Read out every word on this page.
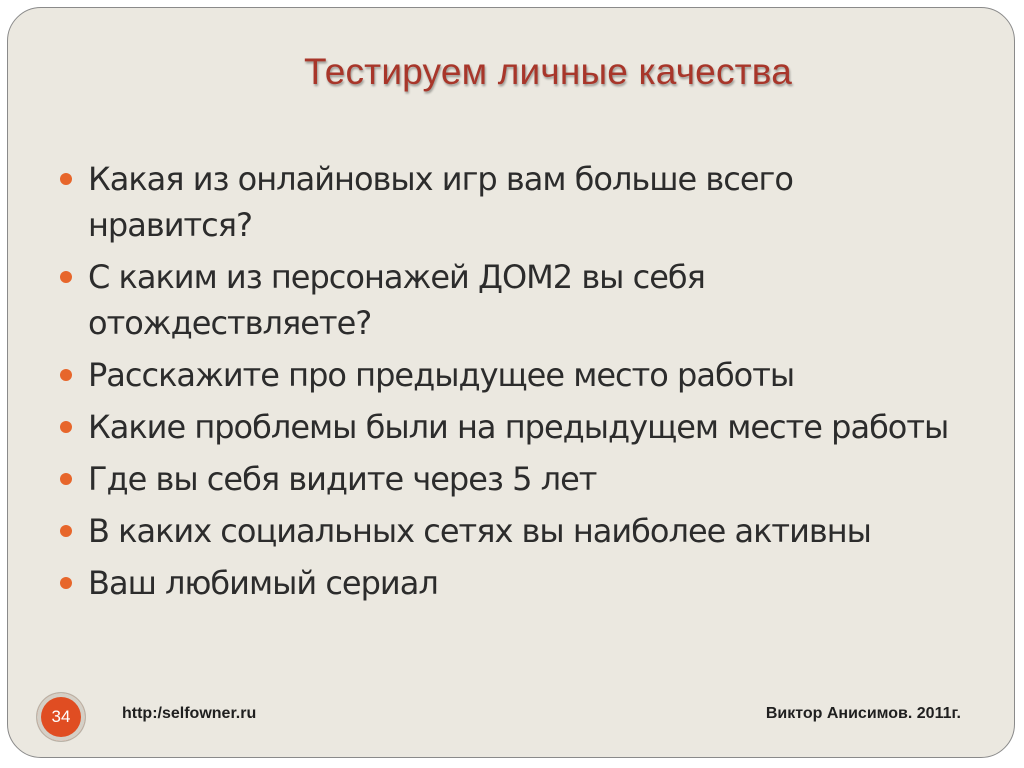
Тестируем личные качества
Какая из онлайновых игр вам больше всего нравится?
С каким из персонажей ДОМ2 вы себя отождествляете?
Расскажите про предыдущее место работы
Какие проблемы были на предыдущем месте работы
Где вы себя видите через 5 лет
В каких социальных сетях вы наиболее активны
Ваш любимый сериал
34	http:/selfowner.ru	Виктор Анисимов. 2011г.
